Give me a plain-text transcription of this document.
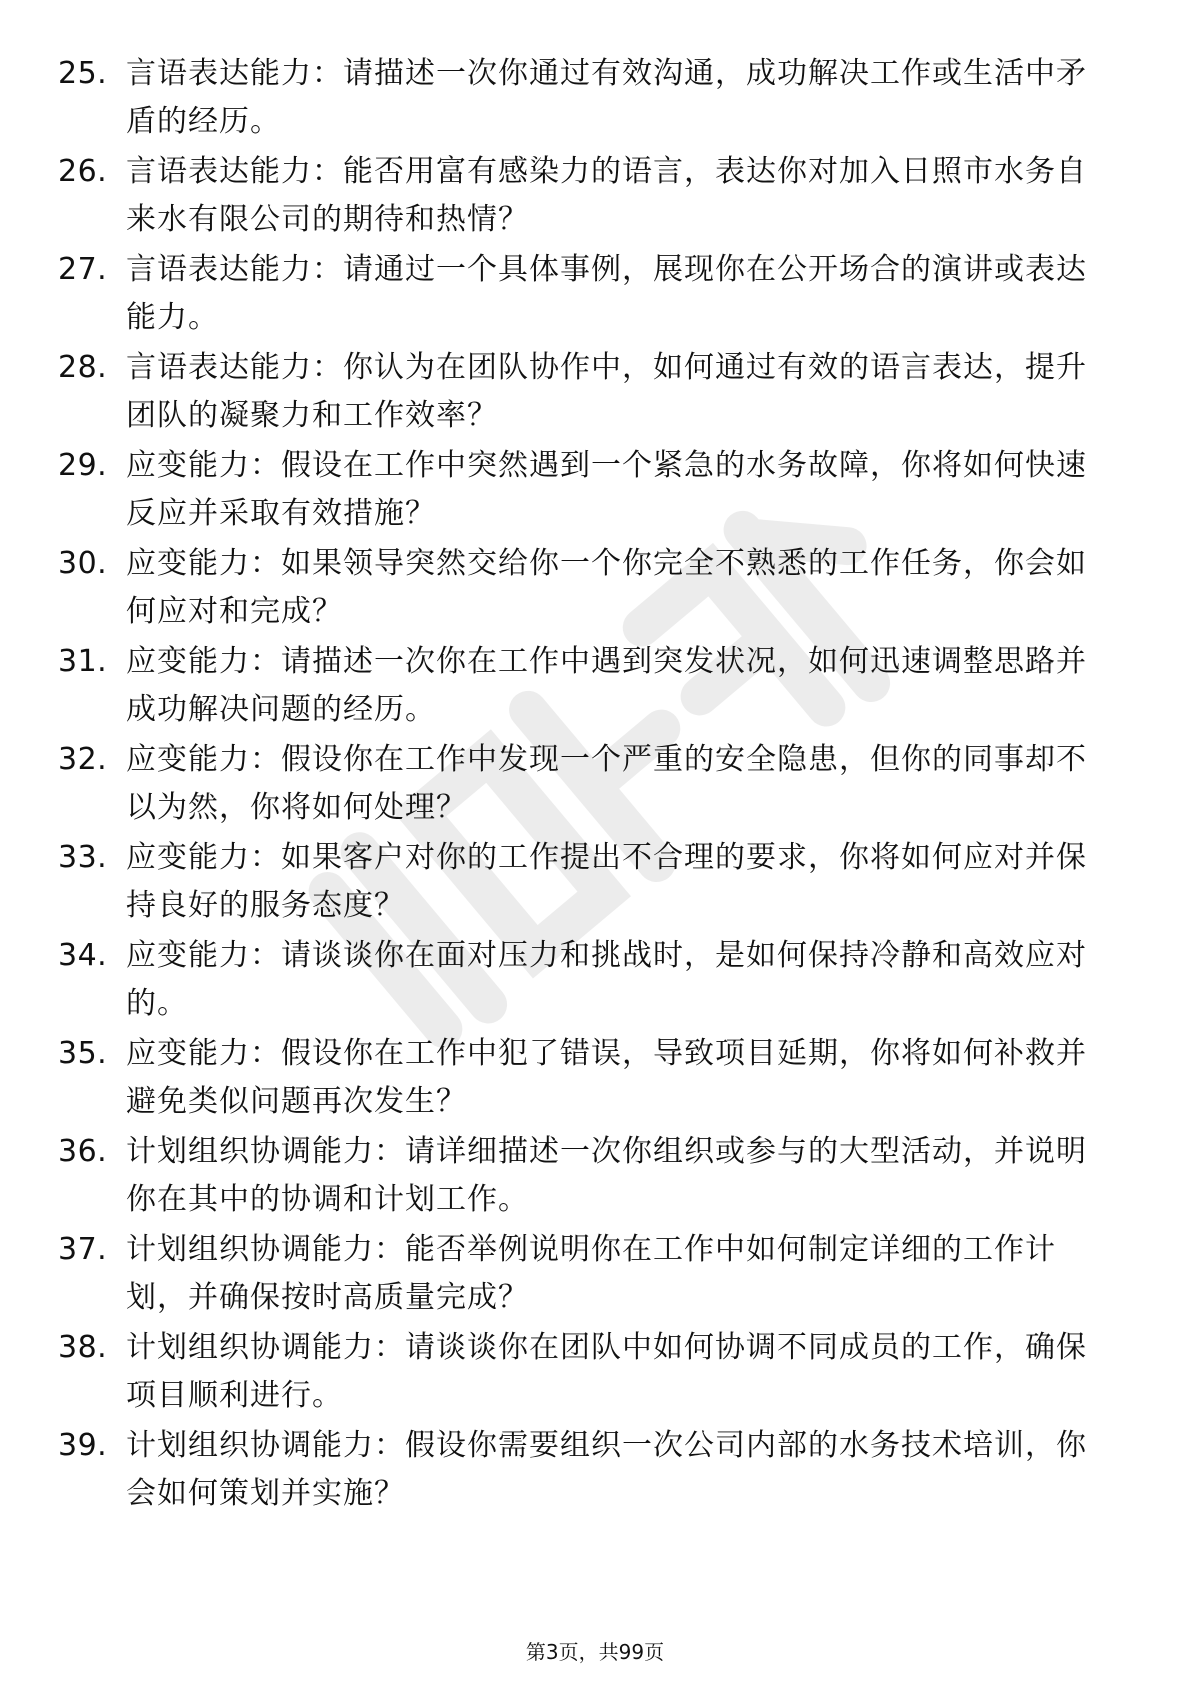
25. 言语表达能力：请描述一次你通过有效沟通，成功解决工作或生活中矛盾的经历。
26. 言语表达能力：能否用富有感染力的语言，表达你对加入日照市水务自来水有限公司的期待和热情？
27. 言语表达能力：请通过一个具体事例，展现你在公开场合的演讲或表达能力。
28. 言语表达能力：你认为在团队协作中，如何通过有效的语言表达，提升团队的凝聚力和工作效率？
29. 应变能力：假设在工作中突然遇到一个紧急的水务故障，你将如何快速反应并采取有效措施？
30. 应变能力：如果领导突然交给你一个你完全不熟悉的工作任务，你会如何应对和完成？
31. 应变能力：请描述一次你在工作中遇到突发状况，如何迅速调整思路并成功解决问题的经历。
32. 应变能力：假设你在工作中发现一个严重的安全隐患，但你的同事却不以为然，你将如何处理？
33. 应变能力：如果客户对你的工作提出不合理的要求，你将如何应对并保持良好的服务态度？
34. 应变能力：请谈谈你在面对压力和挑战时，是如何保持冷静和高效应对的。
35. 应变能力：假设你在工作中犯了错误，导致项目延期，你将如何补救并避免类似问题再次发生？
36. 计划组织协调能力：请详细描述一次你组织或参与的大型活动，并说明你在其中的协调和计划工作。
37. 计划组织协调能力：能否举例说明你在工作中如何制定详细的工作计划，并确保按时高质量完成？
38. 计划组织协调能力：请谈谈你在团队中如何协调不同成员的工作，确保项目顺利进行。
39. 计划组织协调能力：假设你需要组织一次公司内部的水务技术培训，你会如何策划并实施？
第3页，共99页
